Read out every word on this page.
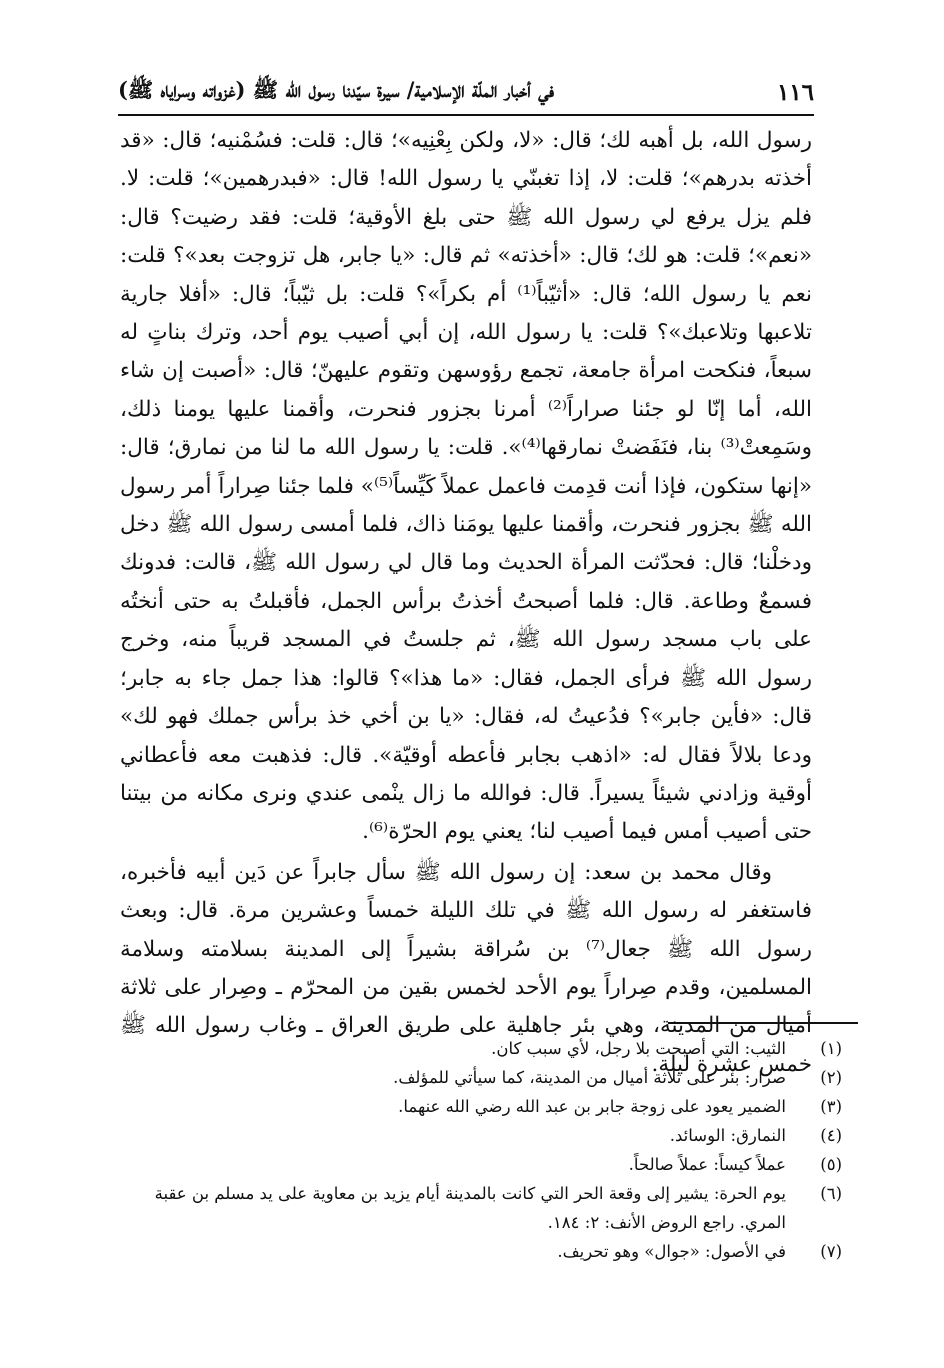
١١٦
في أخبار الملّة الإسلامية/ سيرة سيّدنا رسول الله ﷺ (غزواته وسراياه ﷺ)

رسول الله، بل أهبه لك؛ قال: «لا، ولكن بِعْنِيه»؛ قال: قلت: فسُمْنيه؛ قال: «قد أخذته بدرهم»؛ قلت: لا، إذا تغبنّي يا رسول الله! قال: «فبدرهمين»؛ قلت: لا. فلم يزل يرفع لي رسول الله ﷺ حتى بلغ الأوقية؛ قلت: فقد رضيت؟ قال: «نعم»؛ قلت: هو لك؛ قال: «أخذته» ثم قال: «يا جابر، هل تزوجت بعد»؟ قلت: نعم يا رسول الله؛ قال: «أثيّباً⁽¹⁾ أم بكراً»؟ قلت: بل ثيّباً؛ قال: «أفلا جارية تلاعبها وتلاعبك»؟ قلت: يا رسول الله، إن أبي أصيب يوم أحد، وترك بناتٍ له سبعاً، فنكحت امرأة جامعة، تجمع رؤوسهن وتقوم عليهنّ؛ قال: «أصبت إن شاء الله، أما إنّا لو جئنا صراراً⁽²⁾ أمرنا بجزور فنحرت، وأقمنا عليها يومنا ذلك، وسَمِعتْ⁽³⁾ بنا، فنَفَضتْ نمارقها⁽⁴⁾». قلت: يا رسول الله ما لنا من نمارق؛ قال: «إنها ستكون، فإذا أنت قدِمت فاعمل عملاً كَيِّساً⁽⁵⁾» فلما جئنا صِراراً أمر رسول الله ﷺ بجزور فنحرت، وأقمنا عليها يومَنا ذاك، فلما أمسى رسول الله ﷺ دخل ودخلْنا؛ قال: فحدّثت المرأة الحديث وما قال لي رسول الله ﷺ، قالت: فدونك فسمعٌ وطاعة. قال: فلما أصبحتُ أخذتُ برأس الجمل، فأقبلتُ به حتى أنختُه على باب مسجد رسول الله ﷺ، ثم جلستُ في المسجد قريباً منه، وخرج رسول الله ﷺ فرأى الجمل، فقال: «ما هذا»؟ قالوا: هذا جمل جاء به جابر؛ قال: «فأين جابر»؟ فدُعيتُ له، فقال: «يا بن أخي خذ برأس جملك فهو لك» ودعا بلالاً فقال له: «اذهب بجابر فأعطه أوقيّة». قال: فذهبت معه فأعطاني أوقية وزادني شيئاً يسيراً. قال: فوالله ما زال ينْمى عندي ونرى مكانه من بيتنا حتى أصيب أمس فيما أصيب لنا؛ يعني يوم الحرّة⁽⁶⁾.

وقال محمد بن سعد: إن رسول الله ﷺ سأل جابراً عن دَين أبيه فأخبره، فاستغفر له رسول الله ﷺ في تلك الليلة خمساً وعشرين مرة. قال: وبعث رسول الله ﷺ جعال⁽⁷⁾ بن سُراقة بشيراً إلى المدينة بسلامته وسلامة المسلمين، وقدم صِراراً يوم الأحد لخمس بقين من المحرّم ـ وصِرار على ثلاثة أميال من المدينة، وهي بئر جاهلية على طريق العراق ـ وغاب رسول الله ﷺ خمس عشرة ليلة.

(١)
الثيب: التي أصبحت بلا رجل، لأي سبب كان.
(٢)
صرار: بئر على ثلاثة أميال من المدينة، كما سيأتي للمؤلف.
(٣)
الضمير يعود على زوجة جابر بن عبد الله رضي الله عنهما.
(٤)
النمارق: الوسائد.
(٥)
عملاً كيساً: عملاً صالحاً.
(٦)
يوم الحرة: يشير إلى وقعة الحر التي كانت بالمدينة أيام يزيد بن معاوية على يد مسلم بن عقبة المري. راجع الروض الأنف: ٢: ١٨٤.
(٧)
في الأصول: «جوال» وهو تحريف.
